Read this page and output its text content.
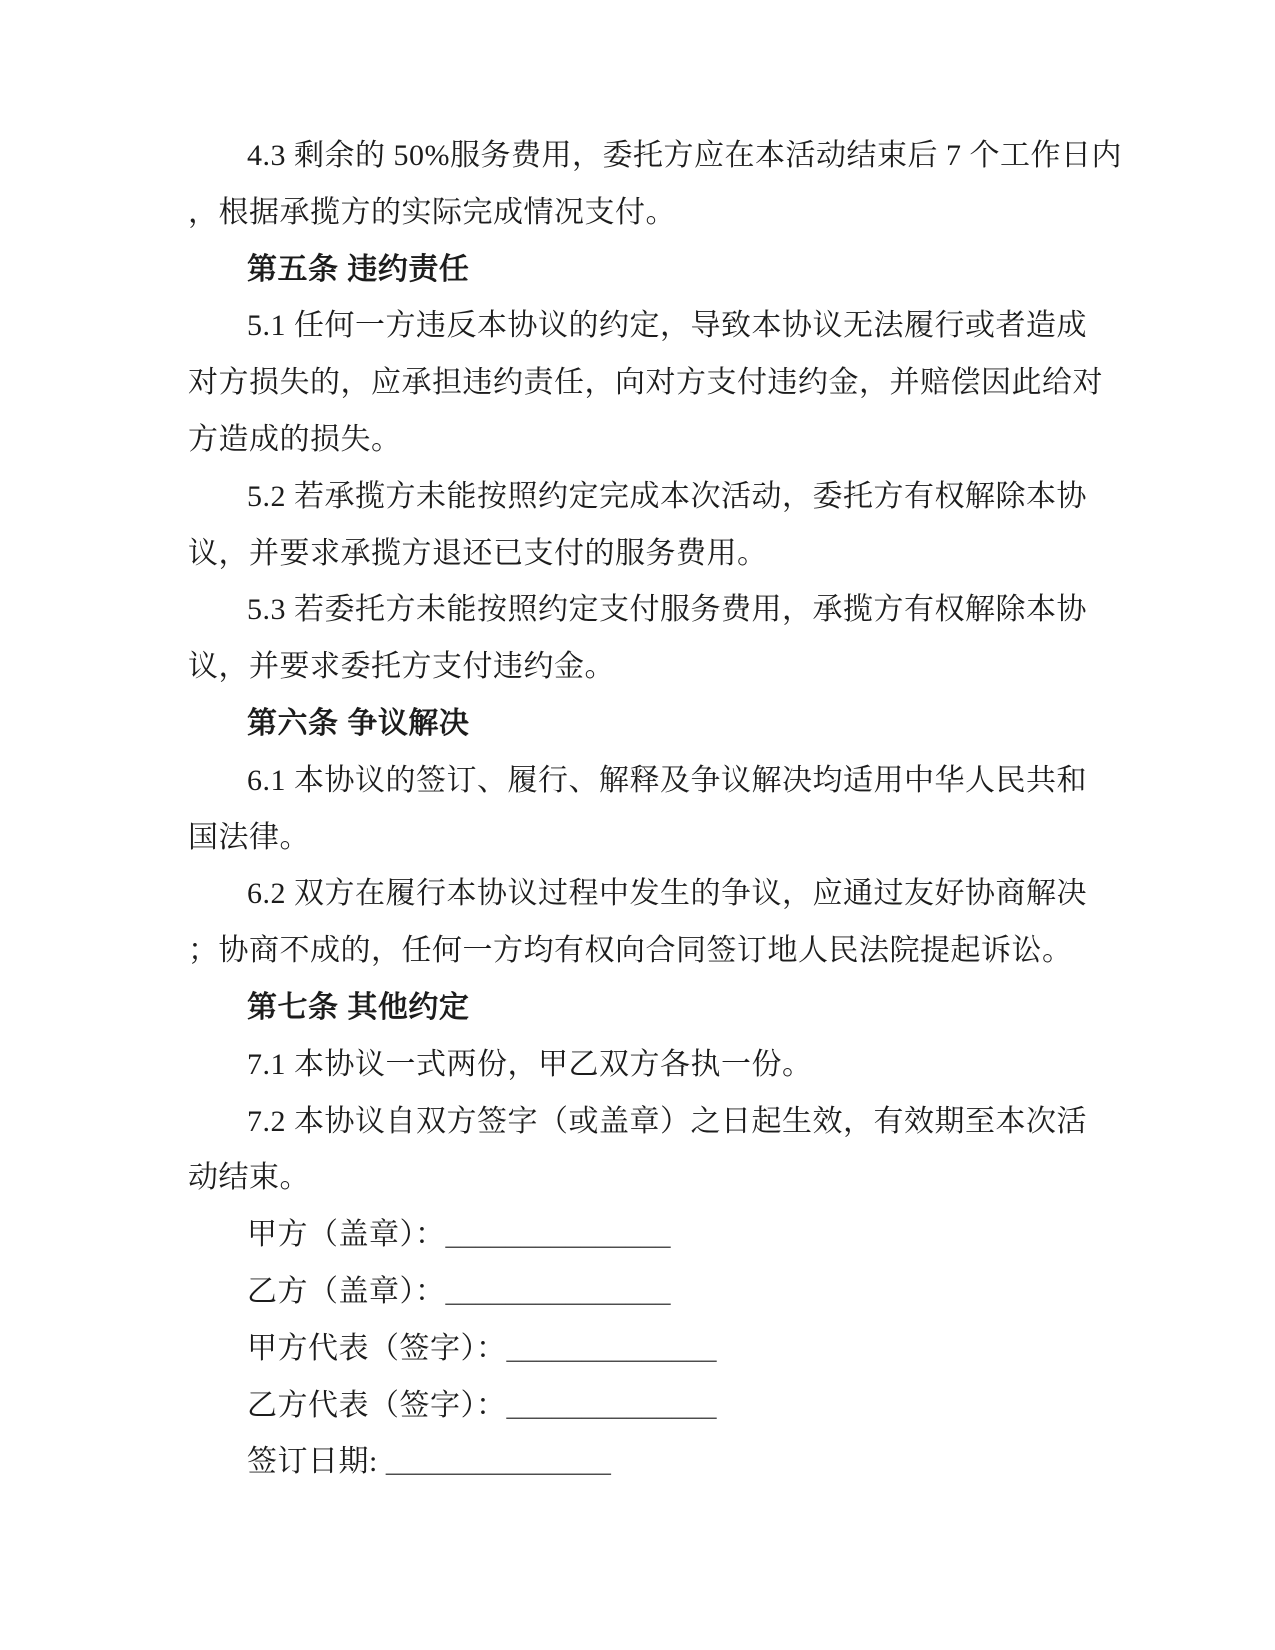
4.3 剩余的 50%服务费用，委托方应在本活动结束后 7 个工作日内
，根据承揽方的实际完成情况支付。
第五条 违约责任
5.1 任何一方违反本协议的约定，导致本协议无法履行或者造成
对方损失的，应承担违约责任，向对方支付违约金，并赔偿因此给对
方造成的损失。
5.2 若承揽方未能按照约定完成本次活动，委托方有权解除本协
议，并要求承揽方退还已支付的服务费用。
5.3 若委托方未能按照约定支付服务费用，承揽方有权解除本协
议，并要求委托方支付违约金。
第六条 争议解决
6.1 本协议的签订、履行、解释及争议解决均适用中华人民共和
国法律。
6.2 双方在履行本协议过程中发生的争议，应通过友好协商解决
；协商不成的，任何一方均有权向合同签订地人民法院提起诉讼。
第七条 其他约定
7.1 本协议一式两份，甲乙双方各执一份。
7.2 本协议自双方签字（或盖章）之日起生效，有效期至本次活
动结束。
甲方（盖章）：_______________
乙方（盖章）：_______________
甲方代表（签字）：______________
乙方代表（签字）：______________
签订日期: _______________
